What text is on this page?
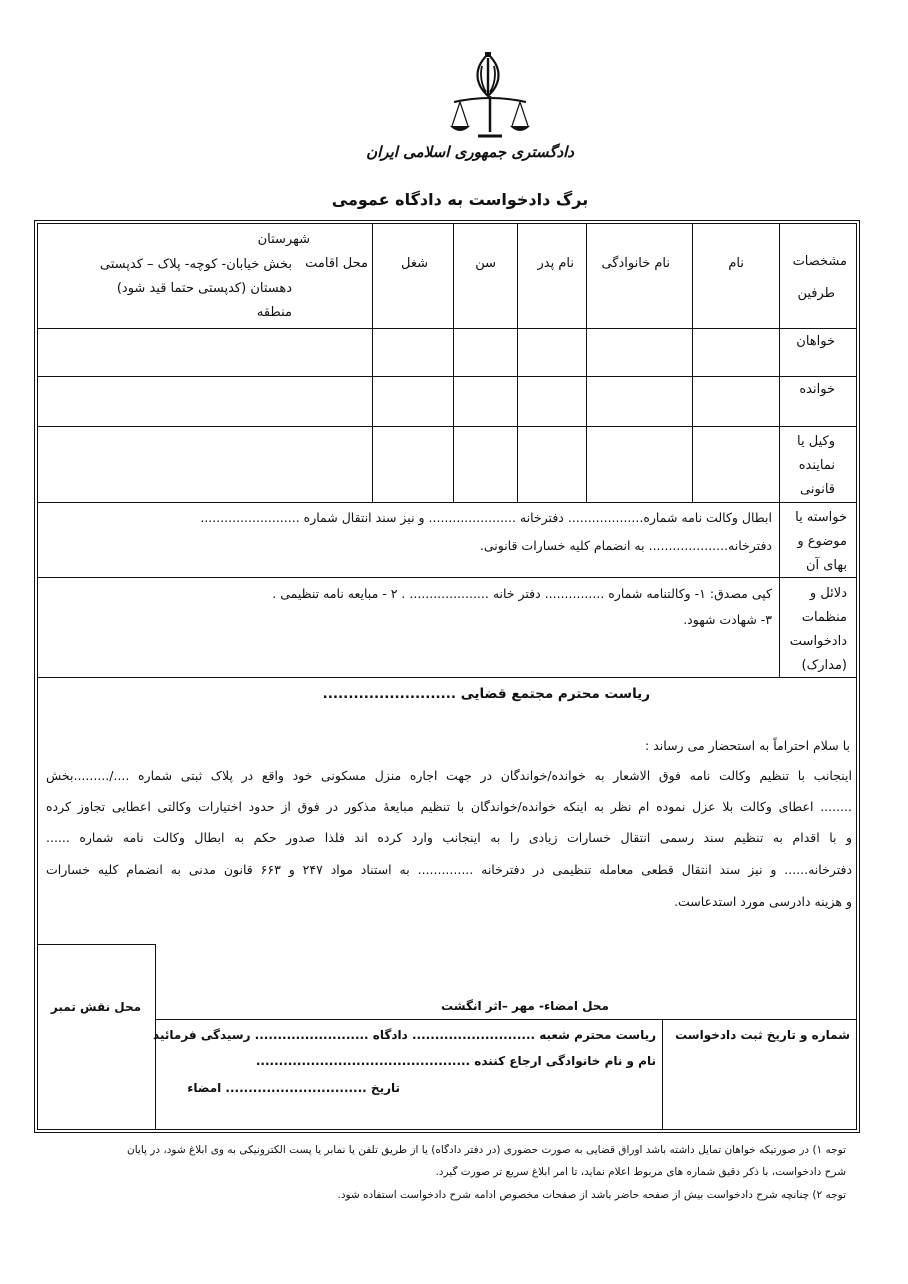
دادگستری جمهوری اسلامی ایران
برگ دادخواست به دادگاه عمومی
مشخصات
طرفین
نام
نام خانوادگی
نام پدر
سن
شغل
محل اقامت
شهرستان
بخش خیابان- کوچه- پلاک – کدپستی
دهستان (کدپستی حتما قید شود)
منطقه
خواهان
خوانده
وکیل یا
نماینده
قانونی
خواسته یا
موضوع و
بهای آن
ابطال وکالت نامه شماره................... دفترخانه ...................... و نیز سند انتقال شماره .........................
دفترخانه.................... به انضمام کلیه خسارات قانونی.
دلائل و
منظمات
دادخواست
(مدارک)
کپی مصدق: ۱- وکالتنامه شماره ............... دفتر خانه .................... . ۲ - مبایعه نامه تنظیمی .
۳- شهادت شهود.
ریاست محترم مجتمع قضایی ..........................
با سلام احتراماً به استحضار می رساند :
اینجانب با تنظیم وکالت نامه فوق الاشعار به خوانده/خواندگان در جهت اجاره منزل مسکونی خود واقع در پلاک ثبتی شماره ..../.........بخش
........ اعطای وکالت بلا عزل نموده ام نظر به اینکه خوانده/خواندگان با تنظیم مبایعهٔ مذکور در فوق از حدود اختیارات وکالتی اعطایی تجاوز کرده
و با اقدام به تنظیم سند رسمی انتقال خسارات زیادی را به اینجانب وارد کرده اند فلذا صدور حکم به ابطال وکالت نامه شماره ......
دفترخانه...... و نیز سند انتقال قطعی معامله تنظیمی در دفترخانه .............. به استناد مواد ۲۴۷ و ۶۶۳ قانون مدنی به انضمام کلیه خسارات
و هزینه دادرسی مورد استدعاست.
محل نقش تمبر	محل امضاء- مهر –اثر انگشت
شماره و تاریخ ثبت دادخواست
ریاست محترم شعبه ........................... دادگاه ......................... رسیدگی فرمائید
نام و نام خانوادگی ارجاع کننده ...............................................
تاریخ ............................... امضاء
توجه ۱) در صورتیکه خواهان تمایل داشته باشد اوراق قضایی به صورت حضوری (در دفتر دادگاه) یا از طریق تلفن یا نمابر یا پست الکترونیکی به وی ابلاغ شود، در پایان
شرح دادخواست، با ذکر دقیق شماره های مربوط اعلام نماید، تا امر ابلاغ سریع تر صورت گیرد.
توجه ۲) چنانچه شرح دادخواست بیش از صفحه حاضر باشد از صفحات مخصوص ادامه شرح دادخواست استفاده شود.
